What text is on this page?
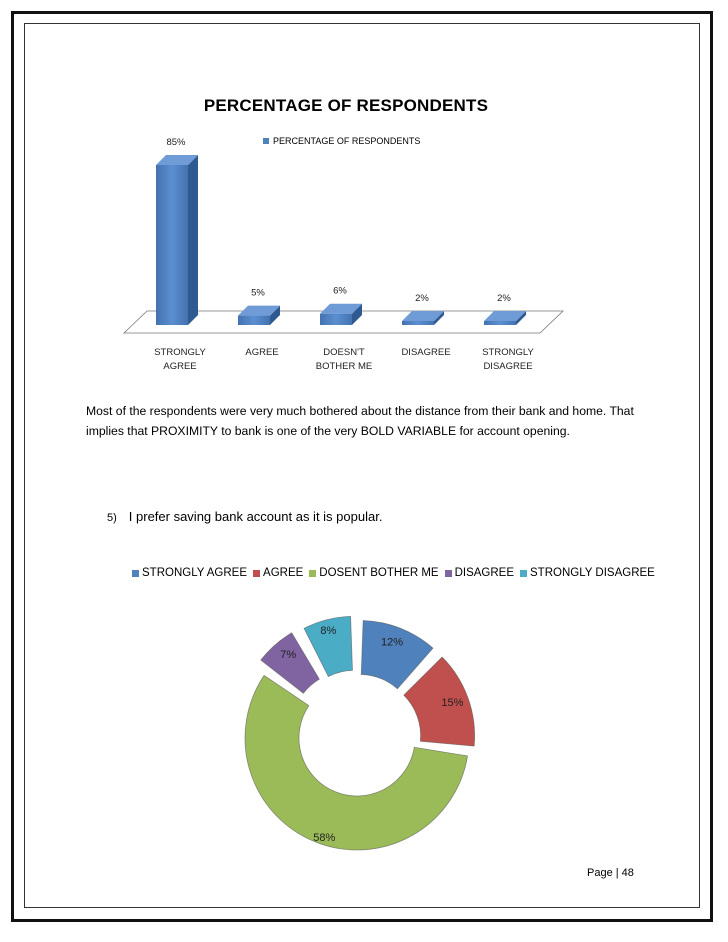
PERCENTAGE OF RESPONDENTS
PERCENTAGE OF RESPONDENTS
85%
STRONGLY
AGREE
5%
AGREE
6%
DOESN'T
BOTHER ME
2%
DISAGREE
2%
STRONGLY
DISAGREE
Most of the respondents were very much bothered about the distance from their bank and home. That implies that PROXIMITY to bank is one of the very BOLD VARIABLE for account opening.
5) I prefer saving bank account as it is popular.
STRONGLY AGREE AGREE DOSENT BOTHER ME DISAGREE STRONGLY DISAGREE
12%
15%
58%
7%
8%
Page | 48
